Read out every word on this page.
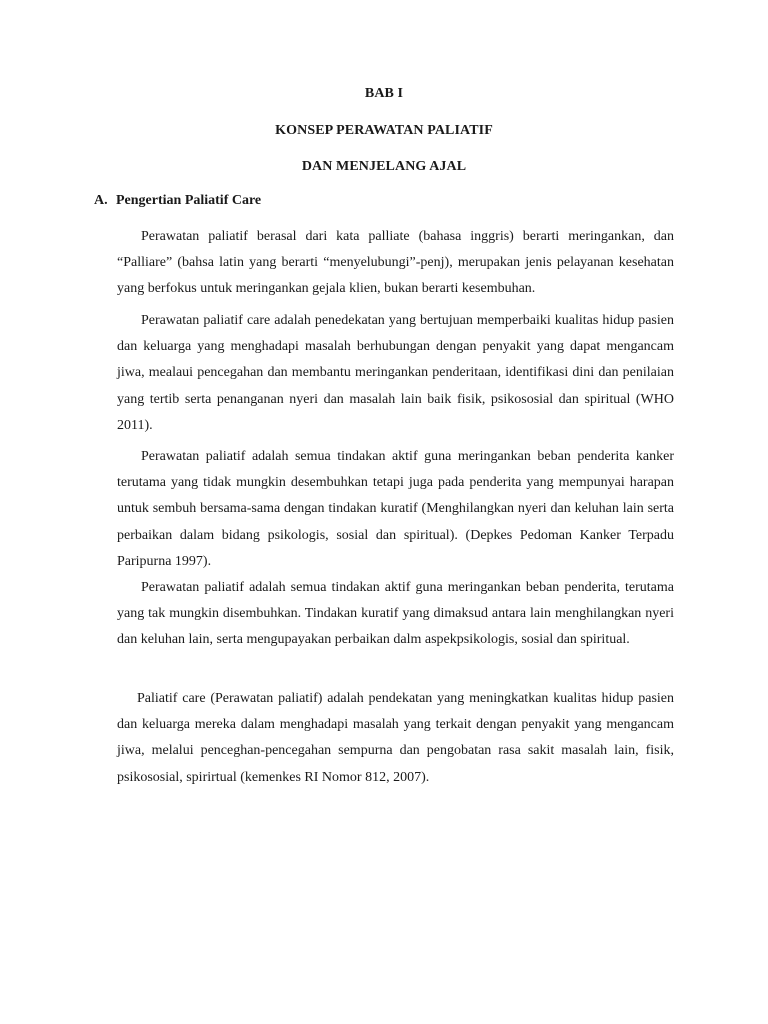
BAB I
KONSEP PERAWATAN PALIATIF
DAN MENJELANG AJAL
A. Pengertian Paliatif Care

Perawatan paliatif berasal dari kata palliate (bahasa inggris) berarti meringankan, dan “Palliare” (bahsa latin yang berarti “menyelubungi”-penj), merupakan jenis pelayanan kesehatan yang berfokus untuk meringankan gejala klien, bukan berarti kesembuhan.

Perawatan paliatif care adalah penedekatan yang bertujuan memperbaiki kualitas hidup pasien dan keluarga yang menghadapi masalah berhubungan dengan penyakit yang dapat mengancam jiwa, mealaui pencegahan dan membantu meringankan penderitaan, identifikasi dini dan penilaian yang tertib serta penanganan nyeri dan masalah lain baik fisik, psikososial dan spiritual (WHO 2011).

Perawatan paliatif adalah semua tindakan aktif guna meringankan beban penderita kanker terutama yang tidak mungkin desembuhkan tetapi juga pada penderita yang mempunyai harapan untuk sembuh bersama-sama dengan tindakan kuratif (Menghilangkan nyeri dan keluhan lain serta perbaikan dalam bidang psikologis, sosial dan spiritual). (Depkes Pedoman Kanker Terpadu Paripurna 1997).

Perawatan paliatif adalah semua tindakan aktif guna meringankan beban penderita, terutama yang tak mungkin disembuhkan. Tindakan kuratif yang dimaksud antara lain menghilangkan nyeri dan keluhan lain, serta mengupayakan perbaikan dalm aspekpsikologis, sosial dan spiritual.

Paliatif care (Perawatan paliatif) adalah pendekatan yang meningkatkan kualitas hidup pasien dan keluarga mereka dalam menghadapi masalah yang terkait dengan penyakit yang mengancam jiwa, melalui penceghan-pencegahan sempurna dan pengobatan rasa sakit masalah lain, fisik, psikososial, spirirtual (kemenkes RI Nomor 812, 2007).
